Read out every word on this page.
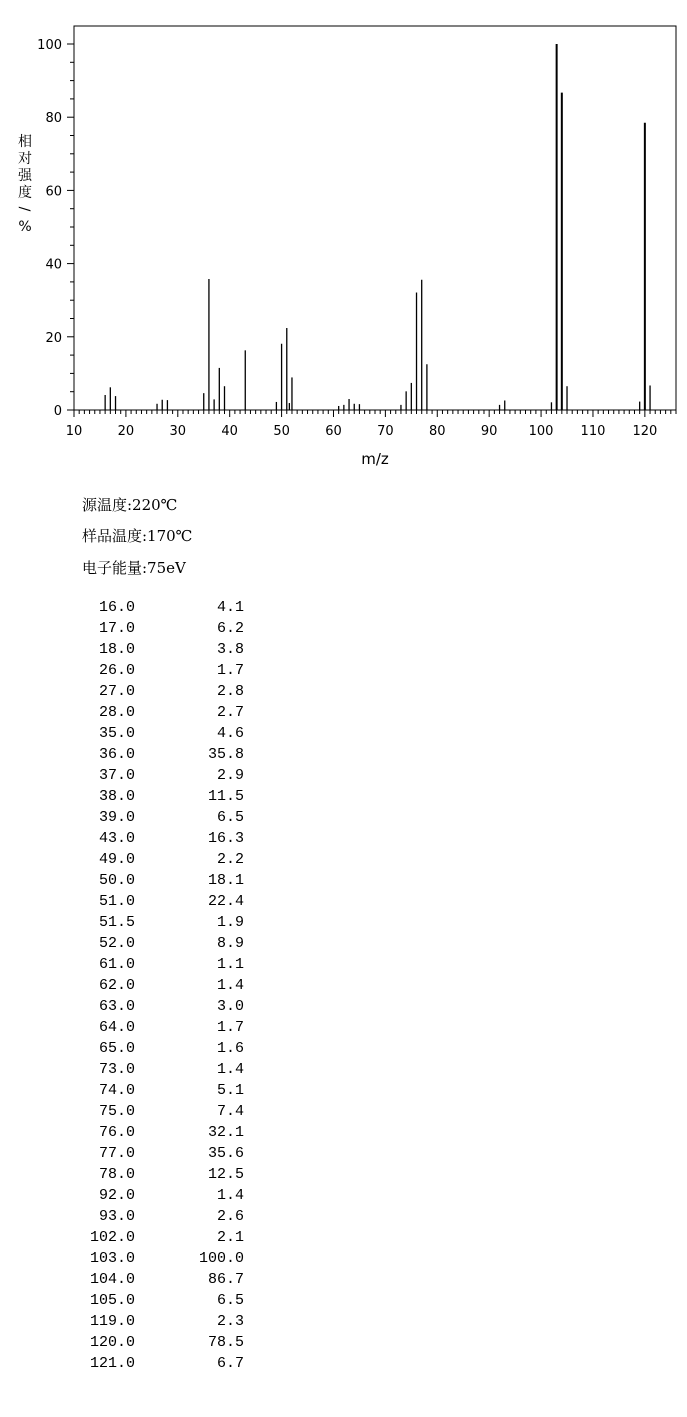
相
对
强
度
/
%
m/z
10	20	30	40	50	60	70	80	90 100 110 120
0
20
40
60
80
100
源温度:220℃
样品温度:170℃
电子能量:75eV
16.0	4.1
17.0	6.2
18.0	3.8
26.0	1.7
27.0	2.8
28.0	2.7
35.0	4.6
36.0	35.8
37.0	2.9
38.0	11.5
39.0	6.5
43.0	16.3
49.0	2.2
50.0	18.1
51.0	22.4
51.5	1.9
52.0	8.9
61.0	1.1
62.0	1.4
63.0	3.0
64.0	1.7
65.0	1.6
73.0	1.4
74.0	5.1
75.0	7.4
76.0	32.1
77.0	35.6
78.0	12.5
92.0	1.4
93.0	2.6
102.0	2.1
103.0	100.0
104.0	86.7
105.0	6.5
119.0	2.3
120.0	78.5
121.0	6.7
